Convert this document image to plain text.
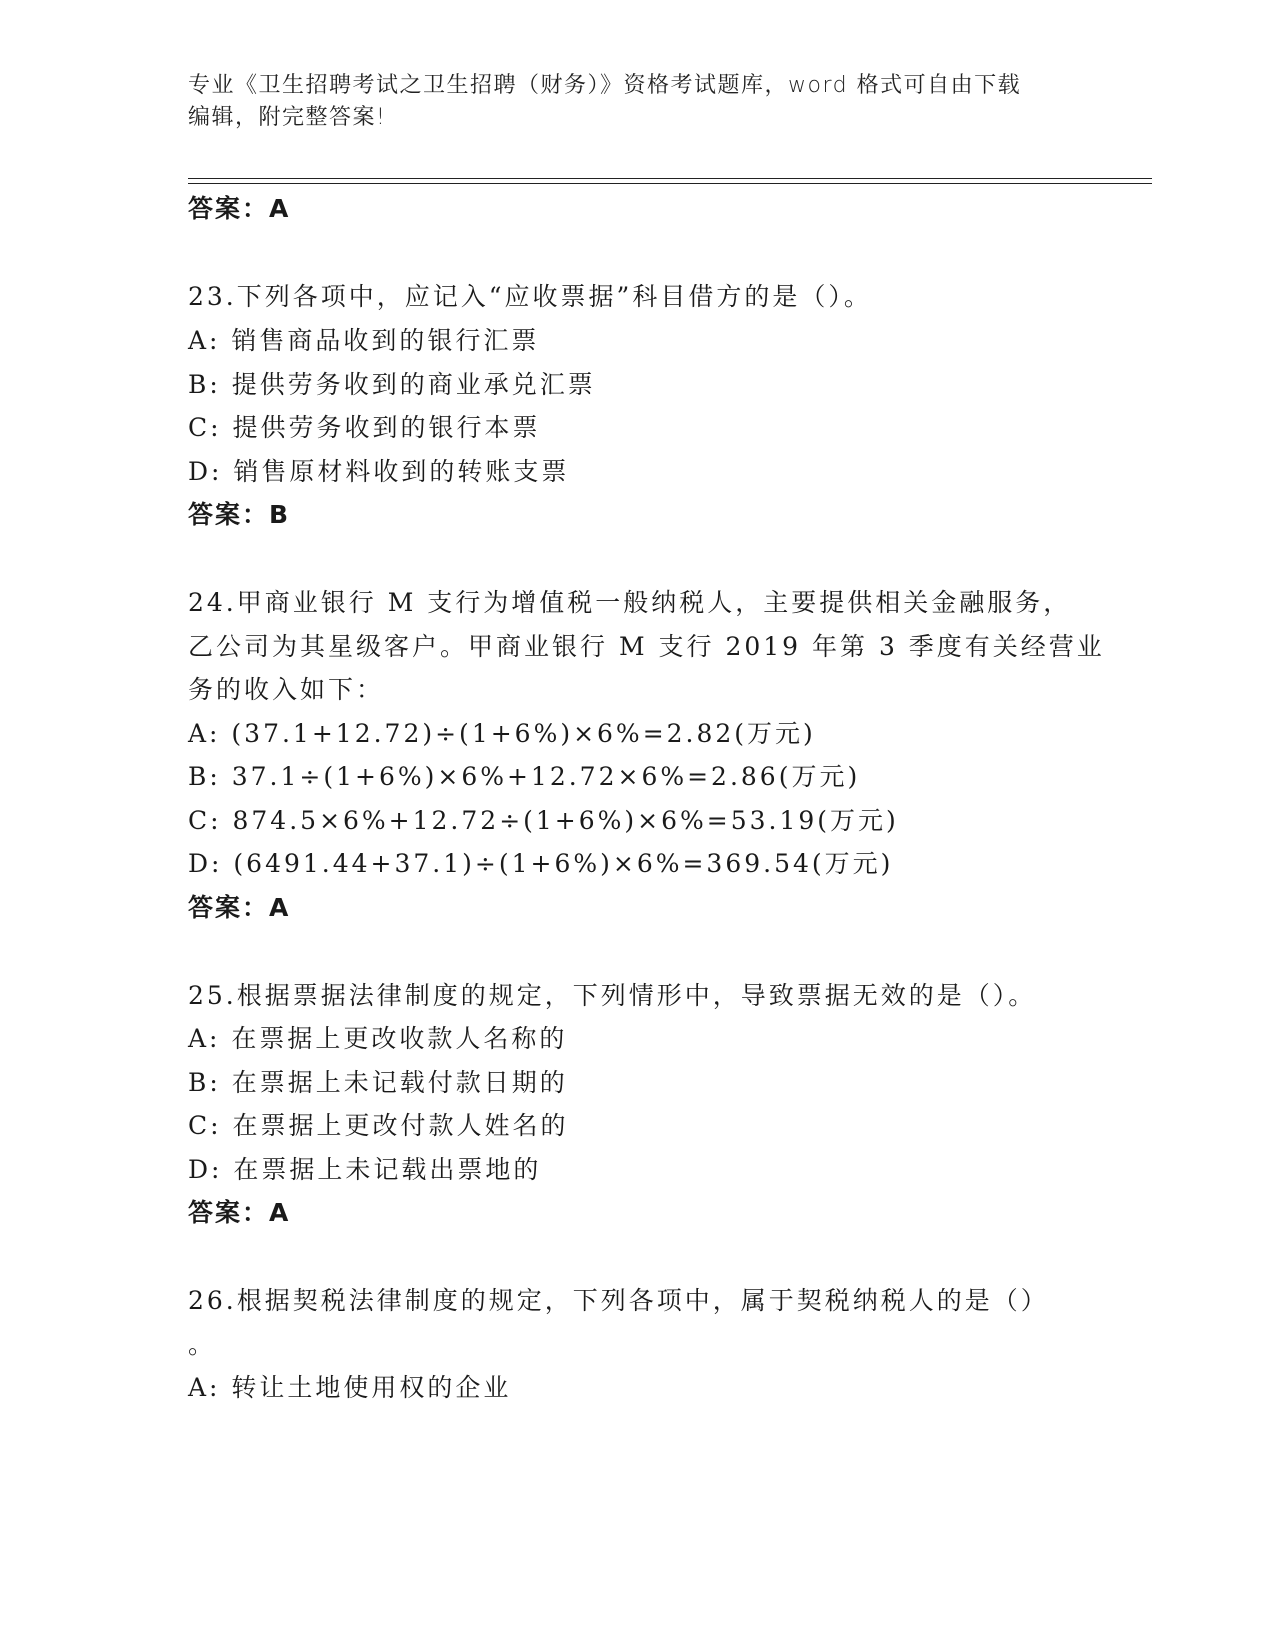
专业《卫生招聘考试之卫生招聘（财务）》资格考试题库，word 格式可自由下载
编辑，附完整答案!
答案：A
23.下列各项中，应记入“应收票据”科目借方的是（）。
A: 销售商品收到的银行汇票
B: 提供劳务收到的商业承兑汇票
C: 提供劳务收到的银行本票
D: 销售原材料收到的转账支票
答案：B
24.甲商业银行 M 支行为增值税一般纳税人，主要提供相关金融服务，
乙公司为其星级客户。甲商业银行 M 支行 2019 年第 3 季度有关经营业
务的收入如下：
A: (37.1+12.72)÷(1+6%)×6%=2.82(万元)
B: 37.1÷(1+6%)×6%+12.72×6%=2.86(万元)
C: 874.5×6%+12.72÷(1+6%)×6%=53.19(万元)
D: (6491.44+37.1)÷(1+6%)×6%=369.54(万元)
答案：A
25.根据票据法律制度的规定，下列情形中，导致票据无效的是（）。
A: 在票据上更改收款人名称的
B: 在票据上未记载付款日期的
C: 在票据上更改付款人姓名的
D: 在票据上未记载出票地的
答案：A
26.根据契税法律制度的规定，下列各项中，属于契税纳税人的是（）
。
A: 转让土地使用权的企业
